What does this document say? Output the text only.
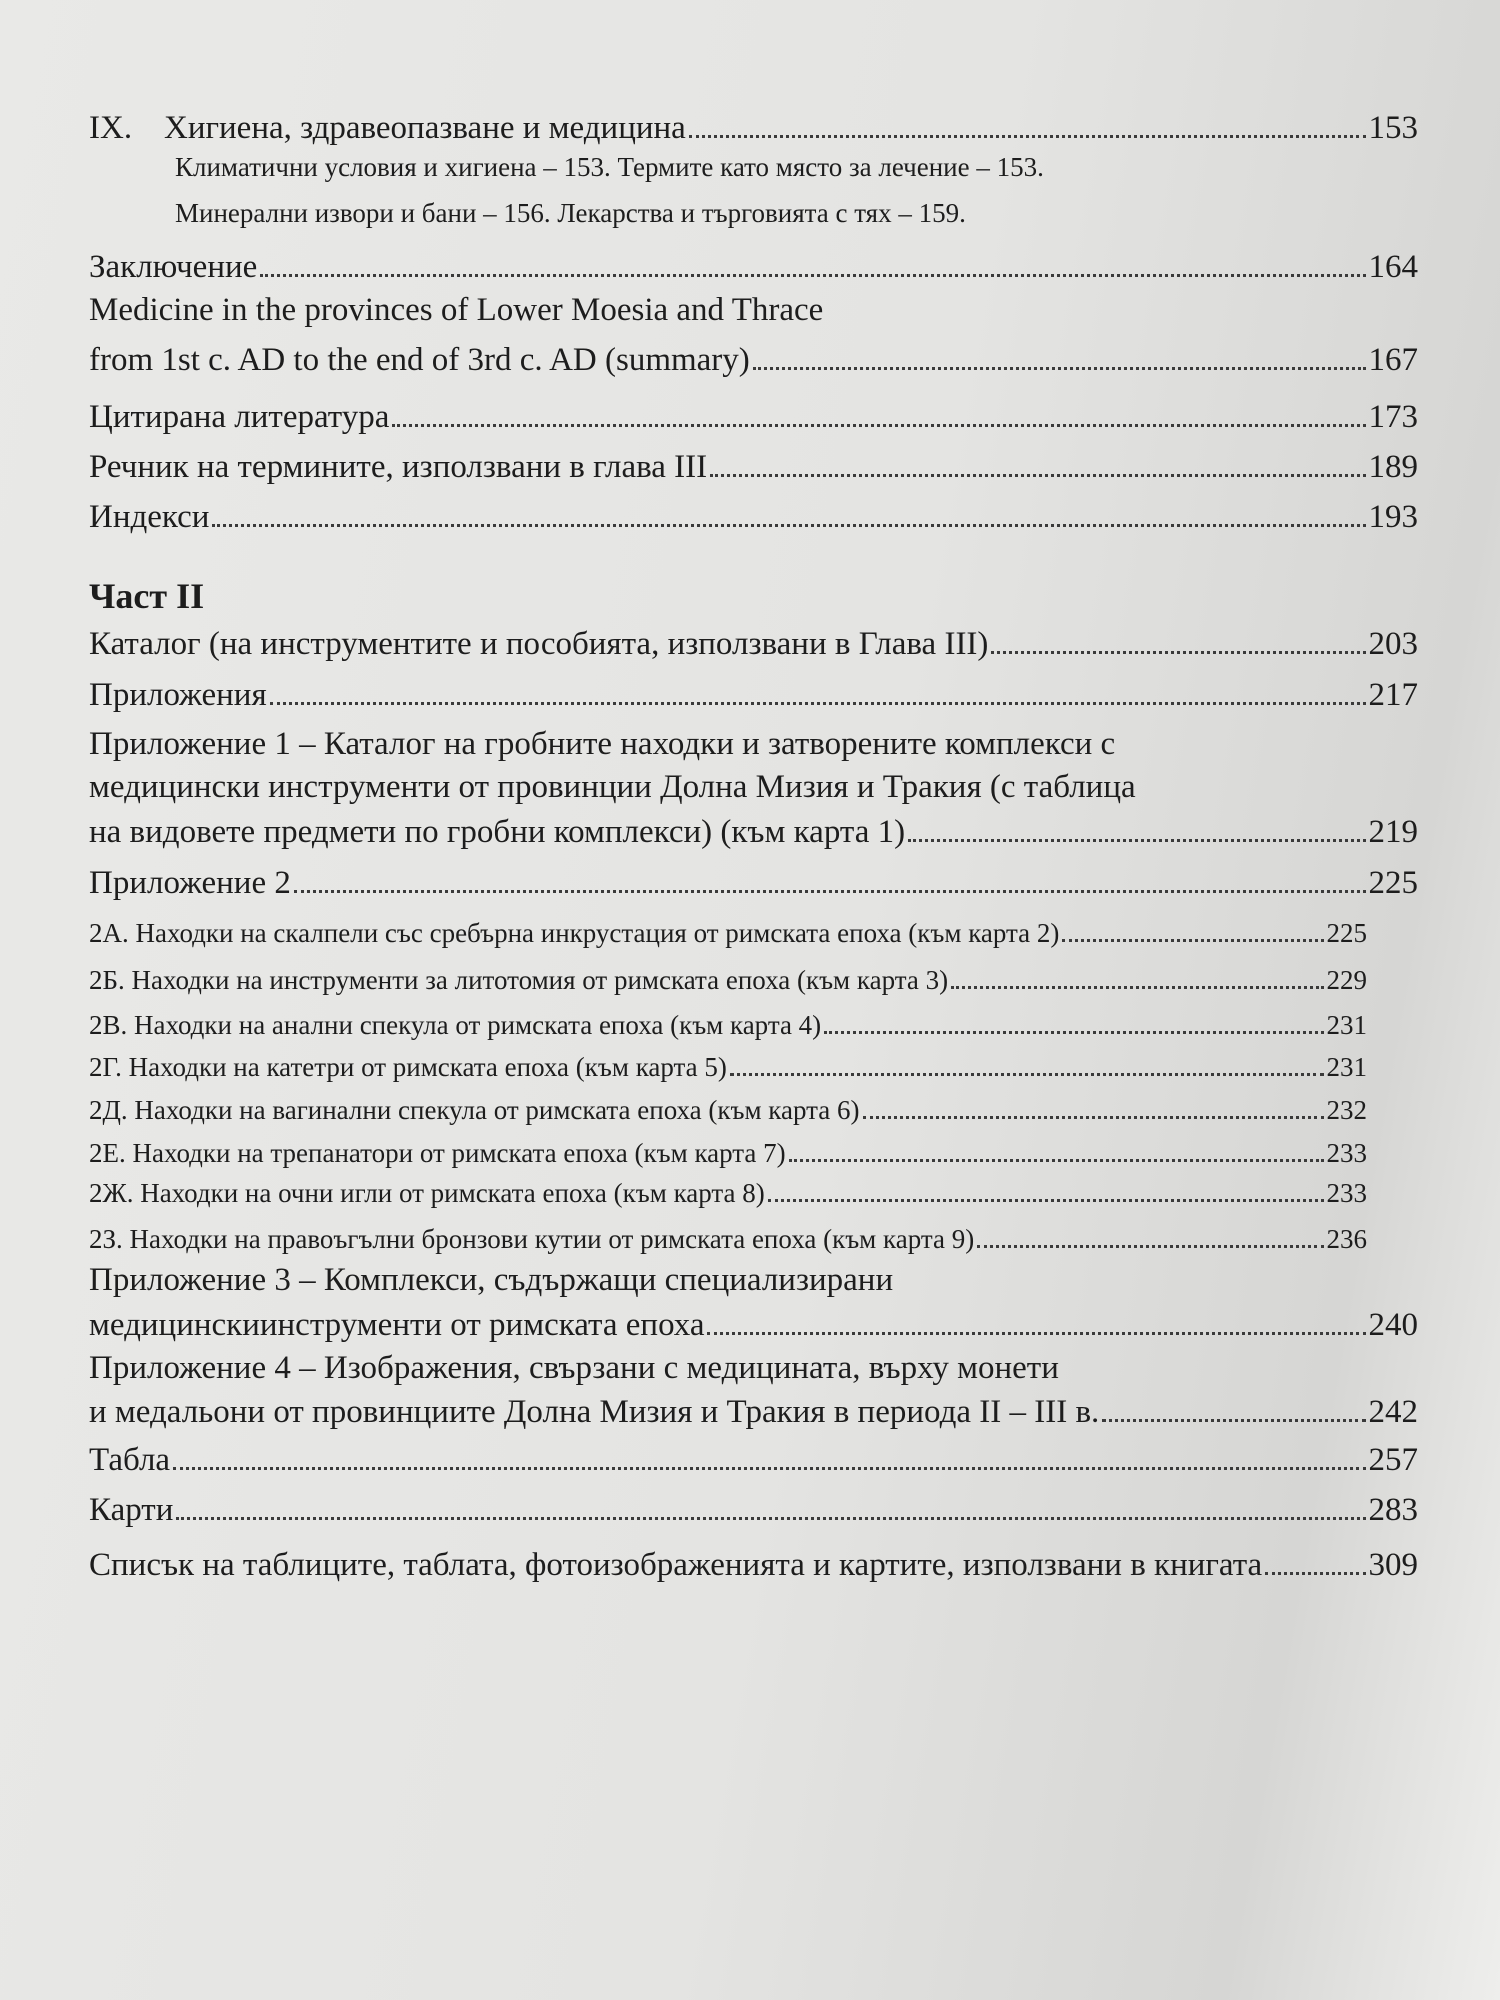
IX. Хигиена, здравеопазване и медицина	153
Климатични условия и хигиена – 153. Термите като място за лечение – 153.
Минерални извори и бани – 156. Лекарства и търговията с тях – 159.
Заключение	164
Medicine in the provinces of Lower Moesia and Thrace
from 1st c. AD to the end of 3rd c. AD (summary)	167
Цитирана литература	173
Речник на термините, използвани в глава III	189
Индекси	193
Част II
Каталог (на инструментите и пособията, използвани в Глава III)	203
Приложения	217
Приложение 1 – Каталог на гробните находки и затворените комплекси с
медицински инструменти от провинции Долна Мизия и Тракия (с таблица
на видовете предмети по гробни комплекси) (към карта 1)	219
Приложение 2	225
2А. Находки на скалпели със сребърна инкрустация от римската епоха (към карта 2)	225
2Б. Находки на инструменти за литотомия от римската епоха (към карта 3)	229
2В. Находки на анални спекула от римската епоха (към карта 4)	231
2Г. Находки на катетри от римската епоха (към карта 5)	231
2Д. Находки на вагинални спекула от римската епоха (към карта 6)	232
2Е. Находки на трепанатори от римската епоха (към карта 7)	233
2Ж. Находки на очни игли от римската епоха (към карта 8)	233
2З. Находки на правоъгълни бронзови кутии от римската епоха (към карта 9)	236
Приложение 3 – Комплекси, съдържащи специализирани
медицинскиинструменти от римската епоха	240
Приложение 4 – Изображения, свързани с медицината, върху монети
и медальони от провинциите Долна Мизия и Тракия в периода II – III в.	242
Табла	257
Карти	283
Списък на таблиците, таблата, фотоизображенията и картите, използвани в книгата	309
